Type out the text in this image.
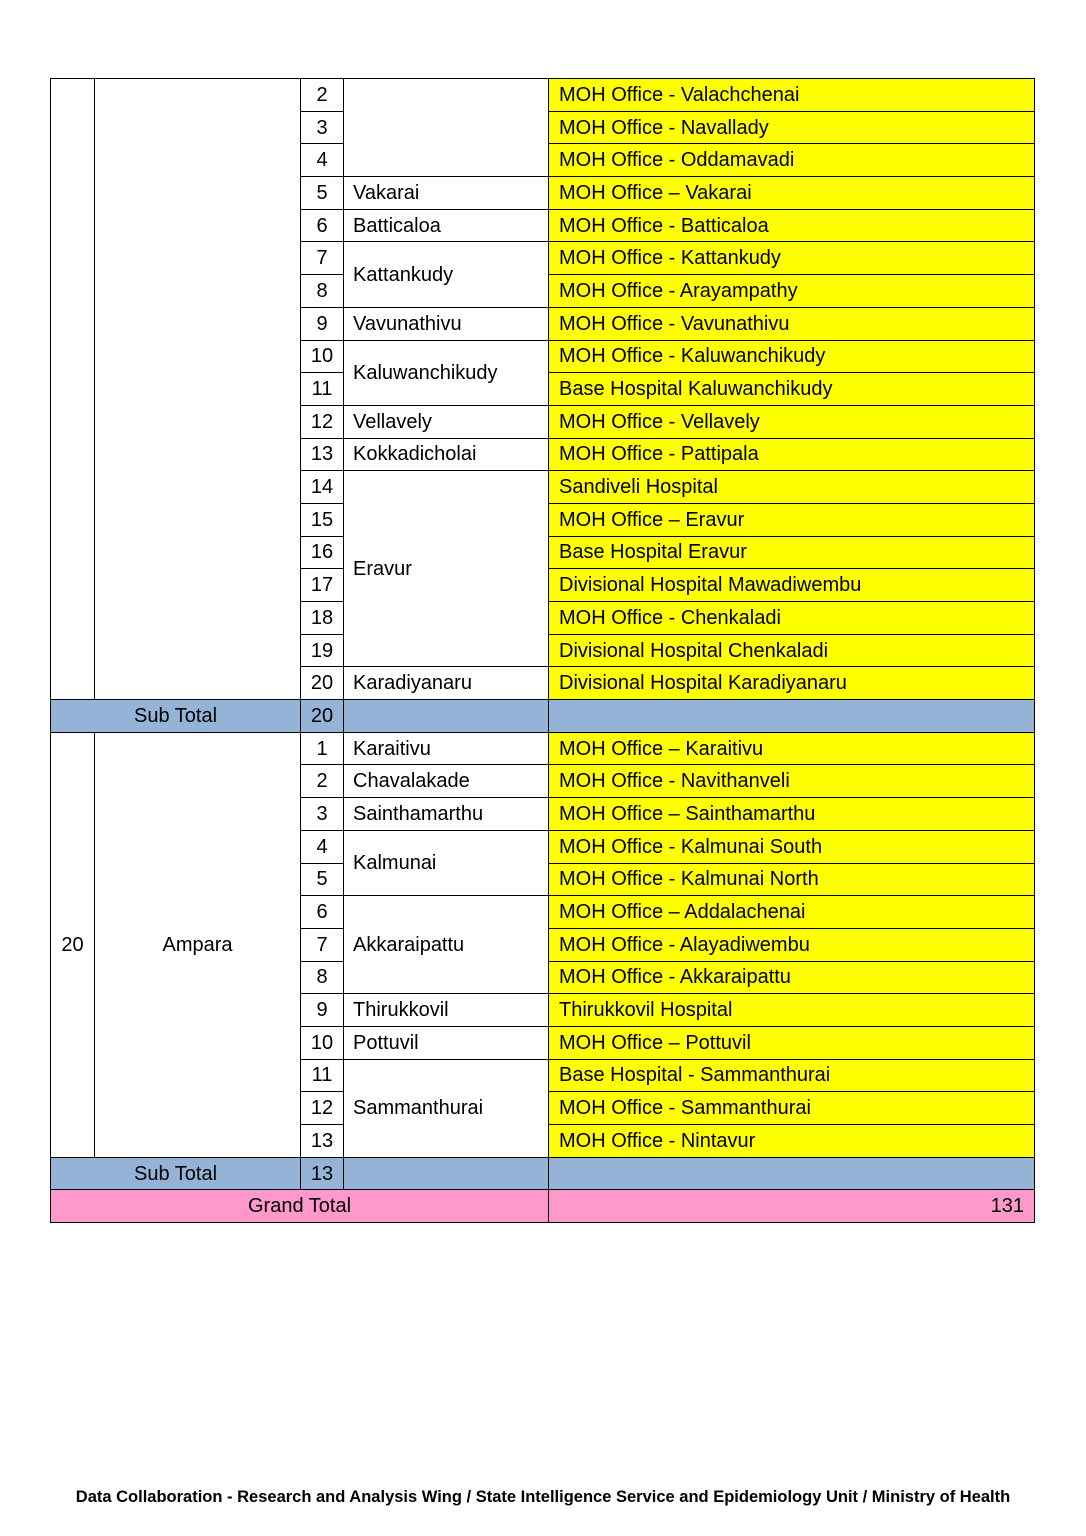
		2		MOH Office - Valachchenai
		3		MOH Office - Navallady
		4		MOH Office - Oddamavadi
		5	Vakarai	MOH Office – Vakarai
		6	Batticaloa	MOH Office - Batticaloa
		7	Kattankudy	MOH Office - Kattankudy
		8		MOH Office - Arayampathy
		9	Vavunathivu	MOH Office - Vavunathivu
		10	Kaluwanchikudy	MOH Office - Kaluwanchikudy
		11		Base Hospital Kaluwanchikudy
		12	Vellavely	MOH Office - Vellavely
		13	Kokkadicholai	MOH Office - Pattipala
		14	Eravur	Sandiveli Hospital
		15		MOH Office – Eravur
		16		Base Hospital Eravur
		17		Divisional Hospital Mawadiwembu
		18		MOH Office - Chenkaladi
		19		Divisional Hospital Chenkaladi
		20	Karadiyanaru	Divisional Hospital Karadiyanaru
Sub Total		20		
20	Ampara	1	Karaitivu	MOH Office – Karaitivu
		2	Chavalakade	MOH Office - Navithanveli
		3	Sainthamarthu	MOH Office – Sainthamarthu
		4	Kalmunai	MOH Office - Kalmunai South
		5		MOH Office - Kalmunai North
		6	Akkaraipattu	MOH Office – Addalachenai
		7		MOH Office - Alayadiwembu
		8		MOH Office - Akkaraipattu
		9	Thirukkovil	Thirukkovil Hospital
		10	Pottuvil	MOH Office – Pottuvil
		11	Sammanthurai	Base Hospital - Sammanthurai
		12		MOH Office - Sammanthurai
		13		MOH Office - Nintavur
Sub Total		13		
Grand Total				131
Data Collaboration - Research and Analysis Wing / State Intelligence Service and Epidemiology Unit / Ministry of Health
